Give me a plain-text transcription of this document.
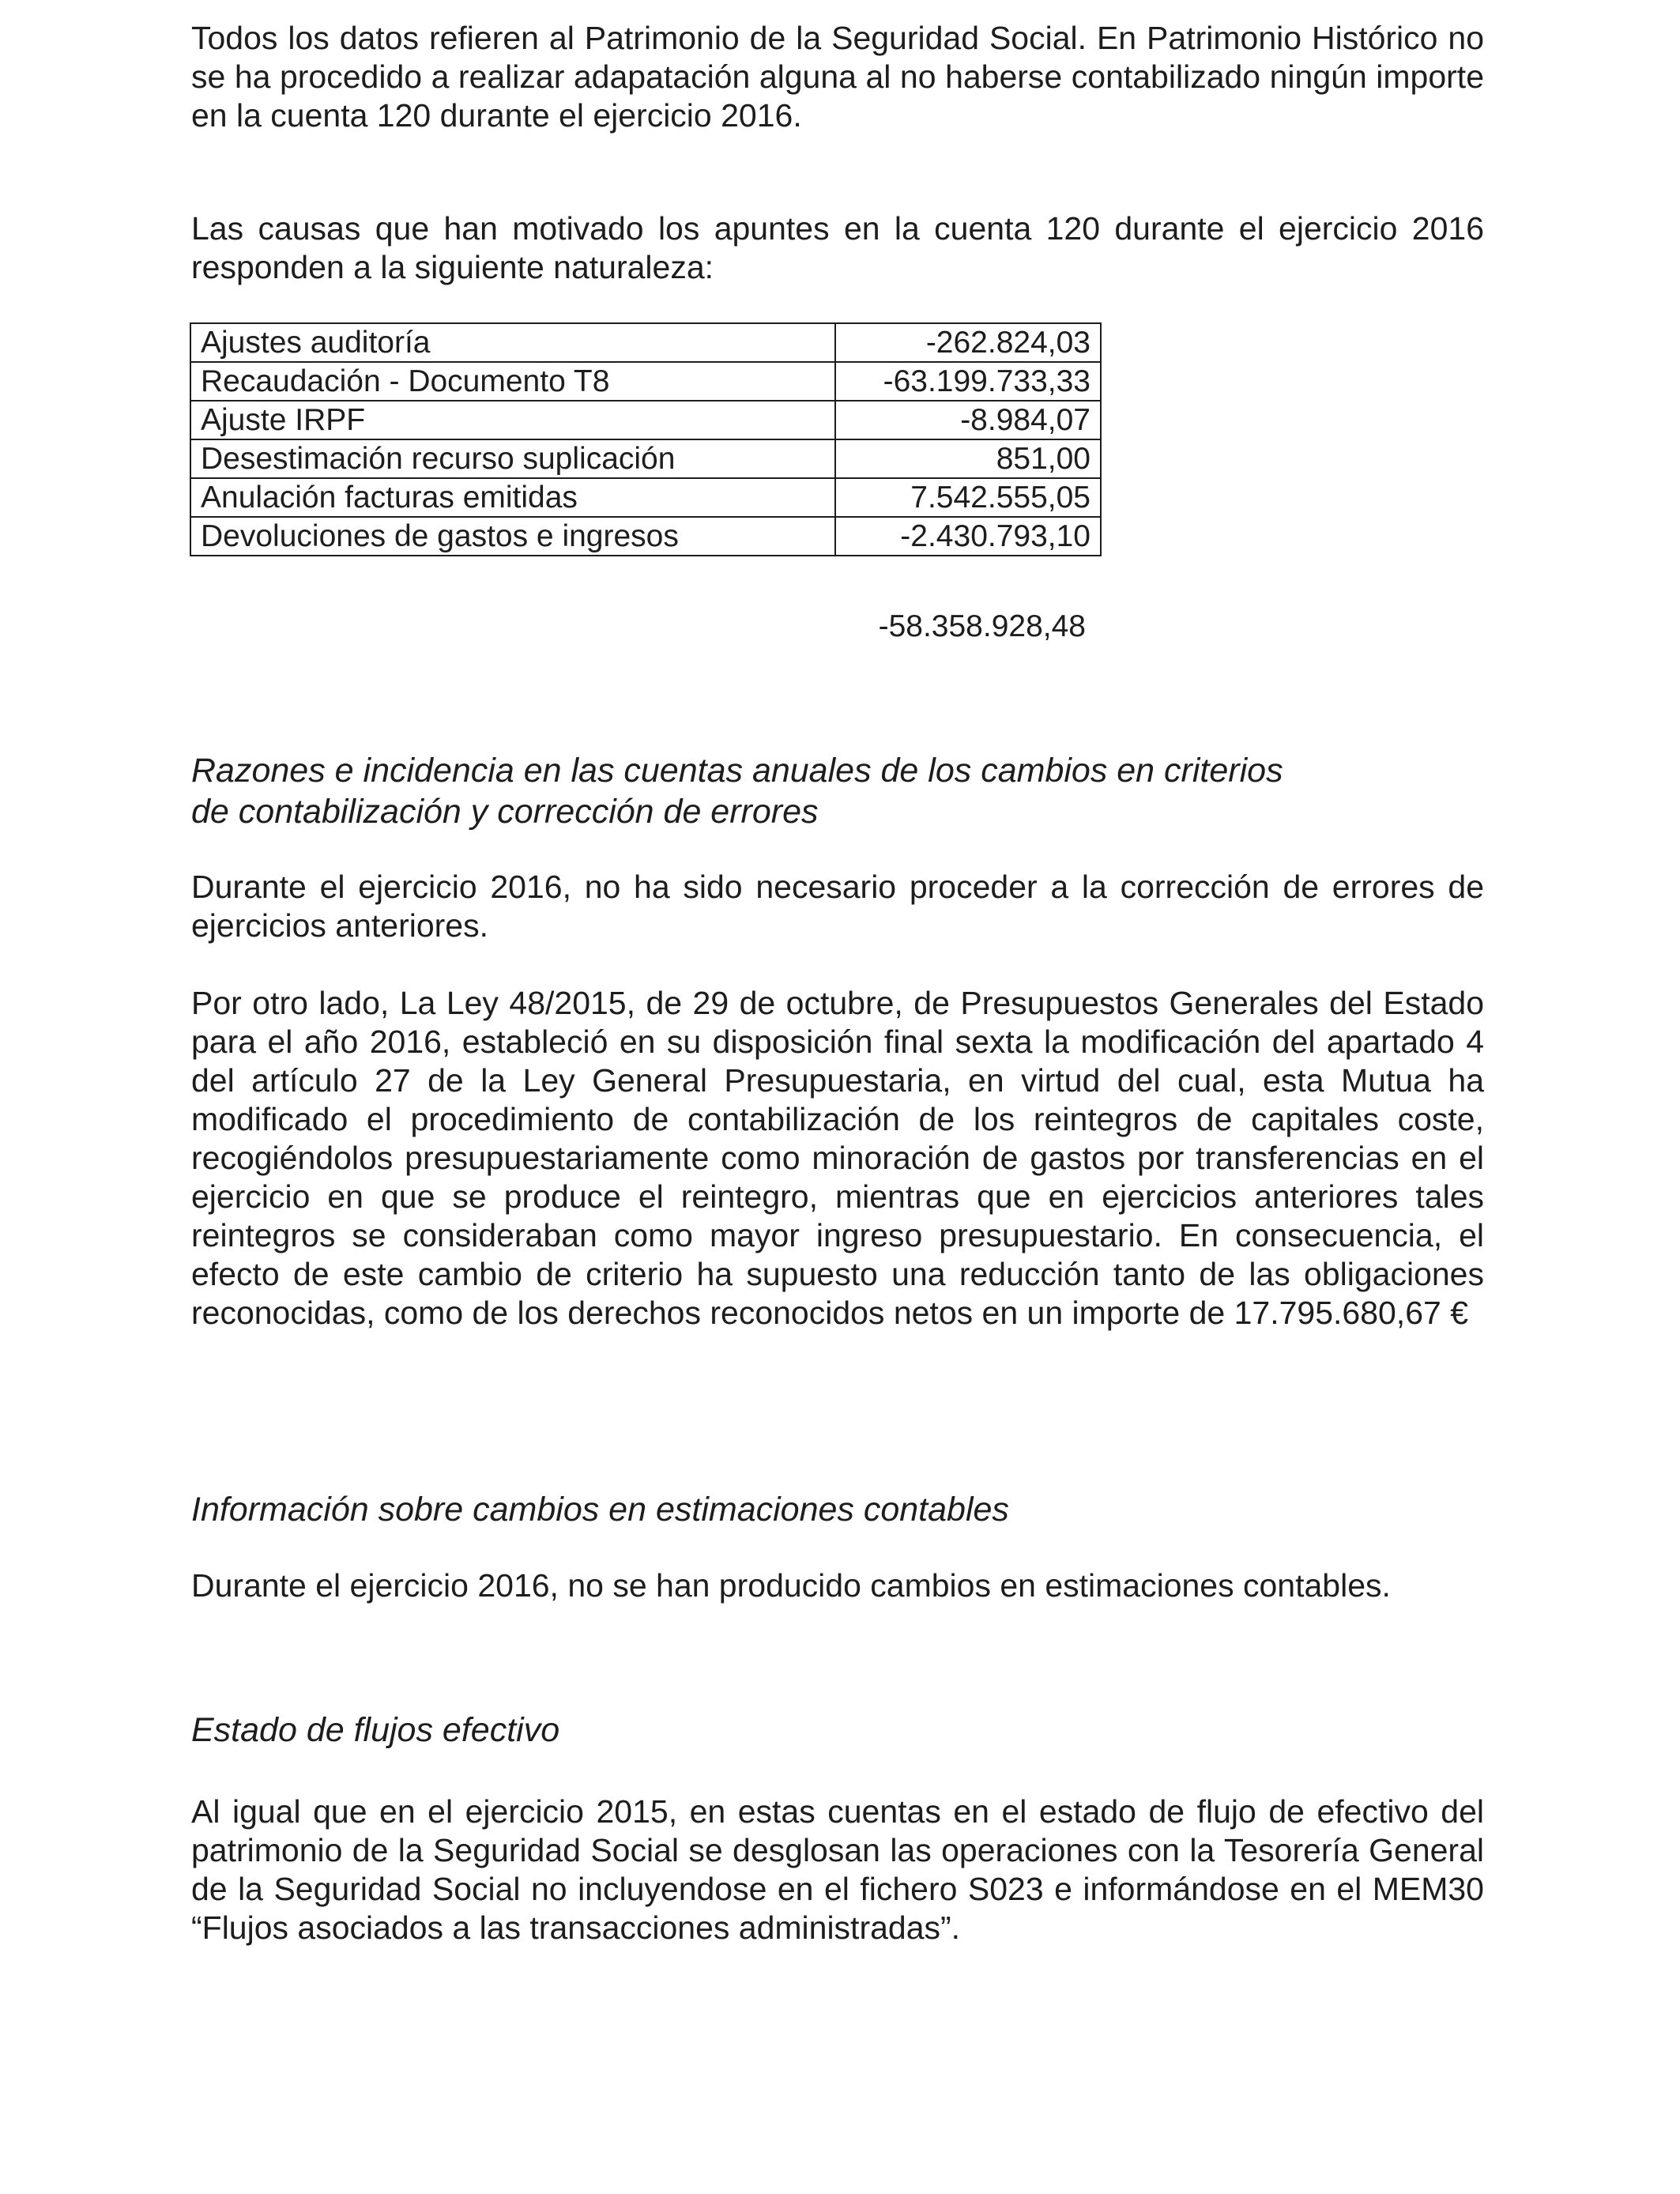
Todos los datos refieren al Patrimonio de la Seguridad Social. En Patrimonio Histórico no se ha procedido a realizar adapatación alguna al no haberse contabilizado ningún importe en la cuenta 120 durante el ejercicio 2016.

Las causas que han motivado los apuntes en la cuenta 120 durante el ejercicio 2016 responden a la siguiente naturaleza:

Ajustes auditoría	-262.824,03
Recaudación - Documento T8	-63.199.733,33
Ajuste IRPF	-8.984,07
Desestimación recurso suplicación	851,00
Anulación facturas emitidas	7.542.555,05
Devoluciones de gastos e ingresos	-2.430.793,10
-58.358.928,48
Razones e incidencia en las cuentas anuales de los cambios en criterios
de contabilización y corrección de errores

Durante el ejercicio 2016, no ha sido necesario proceder a la corrección de errores de ejercicios anteriores.

Por otro lado, La Ley 48/2015, de 29 de octubre, de Presupuestos Generales del Estado para el año 2016, estableció en su disposición final sexta la modificación del apartado 4 del artículo 27 de la Ley General Presupuestaria, en virtud del cual, esta Mutua ha modificado el procedimiento de contabilización de los reintegros de capitales coste, recogiéndolos presupuestariamente como minoración de gastos por transferencias en el ejercicio en que se produce el reintegro, mientras que en ejercicios anteriores tales reintegros se consideraban como mayor ingreso presupuestario. En consecuencia, el efecto de este cambio de criterio ha supuesto una reducción tanto de las obligaciones reconocidas, como de los derechos reconocidos netos en un importe de 17.795.680,67 €

Información sobre cambios en estimaciones contables

Durante el ejercicio 2016, no se han producido cambios en estimaciones contables.

Estado de flujos efectivo

Al igual que en el ejercicio 2015, en estas cuentas en el estado de flujo de efectivo del patrimonio de la Seguridad Social se desglosan las operaciones con la Tesorería General de la Seguridad Social no incluyendose en el fichero S023 e informándose en el MEM30 “Flujos asociados a las transacciones administradas”.
